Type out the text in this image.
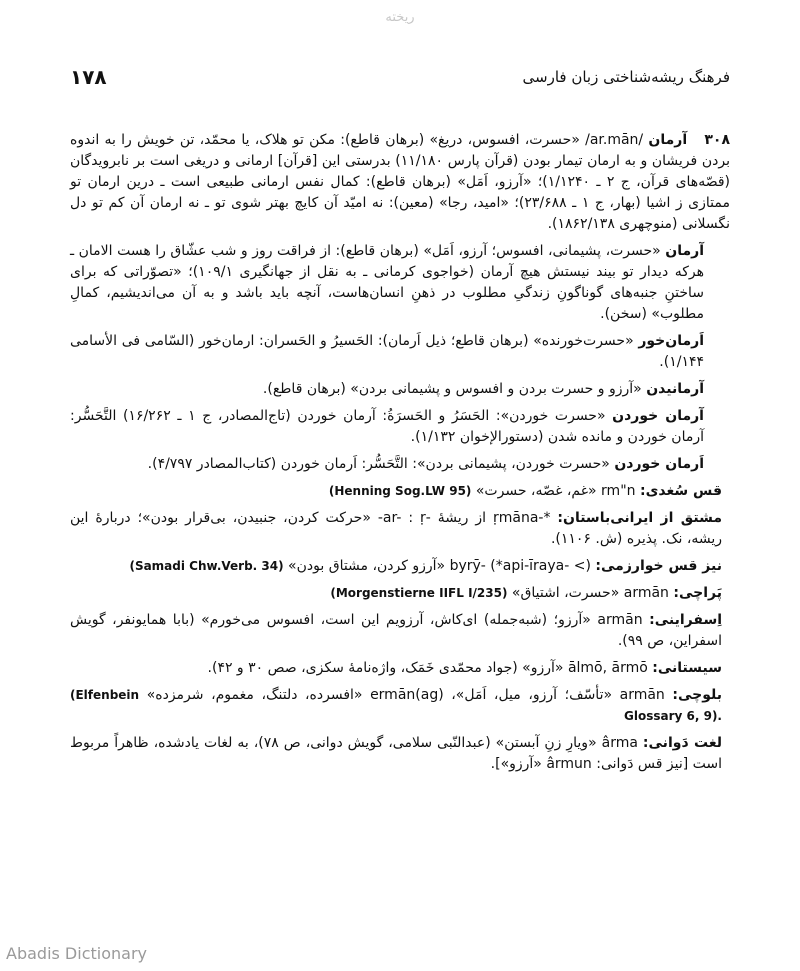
ریخته
۱۷۸	فرهنگ ریشه‌شناختی زبان فارسی

۳۰۸ آرمان /ar.mān/ «حسرت، افسوس، دریغ» (برهان قاطع): مکن تو هلاک، یا محمّد، تن خویش را به اندوه بردن فریشان و به ارمان تیمار بودن (قرآن پارس ۱۱/۱۸۰) بدرستی این [قرآن] ارمانی و دریغی است بر نابرویدگان (قصّه‌های قرآن، ج ۲ ـ ۱/۱۲۴۰)؛ «آرزو، اَمَل» (برهان قاطع): کمال نفس ارمانی طبیعی است ـ درین ارمان تو ممتازی ز اشیا (بهار، ج ۱ ـ ۲۳/۶۸۸)؛ «امید، رجا» (معین): نه امیّد آن کایچ بهتر شوی تو ـ نه ارمان آن کم تو دل نگسلانی (منوچهری ۱۸۶۲/۱۳۸).

آرمان «حسرت، پشیمانی، افسوس؛ آرزو، اَمَل» (برهان قاطع): از فراقت روز و شب عشّاق را هست الامان ـ هرکه دیدار تو بیند نیستش هیچ آرمان (خواجوی کرمانی ـ به نقل از جهانگیری ۱۰۹/۱)؛ «تصوّراتی که برای ساختنِ جنبه‌های گوناگونِ زندگیِ مطلوب در ذهنِ انسان‌هاست، آنچه باید باشد و به آن می‌اندیشیم، کمالِ مطلوب» (سخن).

اَرمان‌خور «حسرت‌خورنده» (برهان قاطع؛ ذیل اَرمان): الحَسیرُ و الحَسران: ارمان‌خور (السّامی فی الأسامی ۱/۱۴۴).

آرمانیدن «آرزو و حسرت بردن و افسوس و پشیمانی بردن» (برهان قاطع).

آرمان خوردن «حسرت خوردن»: الحَسَرُ و الحَسرَةُ: آرمان خوردن (تاج‌المصادر، ج ۱ ـ ۱۶/۲۶۲) التَّحَسُّر: آرمان خوردن و مانده شدن (دستورالإخوان ۱/۱۳۲).

اَرمان خوردن «حسرت خوردن، پشیمانی بردن»: التَّحَسُّر: اَرمان خوردن (کتاب‌المصادر ۴/۷۹۷).

قس سُغدی: rm"n «غم، غصّه، حسرت» (Henning Sog.LW 95)

مشتق از ایرانی‌باستان: ṛmāna-* از ریشهٔ -ar- : ṛ- «حرکت کردن، جنبیدن، بی‌قرار بودن»؛ دربارهٔ این ریشه، نک. پذیره (ش. ۱۱۰۶).

نیز قس خوارزمی: byrȳ- (*api-īraya- <) «آرزو کردن، مشتاق بودن» (Samadi Chw.Verb. 34)

پَراچی: armān «حسرت، اشتیاق» (Morgenstierne IIFL I/235)

اِسفراینی: armān «آرزو؛ (شبه‌جمله) ای‌کاش، آرزویم این است، افسوس می‌خورم» (بابا همایونفر، گویش اسفراین، ص ۹۹).

سیستانی: ālmō, ārmō «آرزو» (جواد محمّدی خَمَک، واژه‌نامهٔ سکزی، صص ۳۰ و ۴۲).

بلوچی: armān «تأسّف؛ آرزو، میل، اَمَل»، ermān(ag) «افسرده، دلتنگ، مغموم، شرمزده» (Elfenbein Glossary 6, 9).

لغت دَوانی: ârma «ویارِ زنِ آبستن» (عبدالنّبی سلامی، گویش دوانی، ص ۷۸)، به لغات یادشده، ظاهراً مربوط است [نیز قس دَوانی: ârmun «آرزو»].

Abadis Dictionary
